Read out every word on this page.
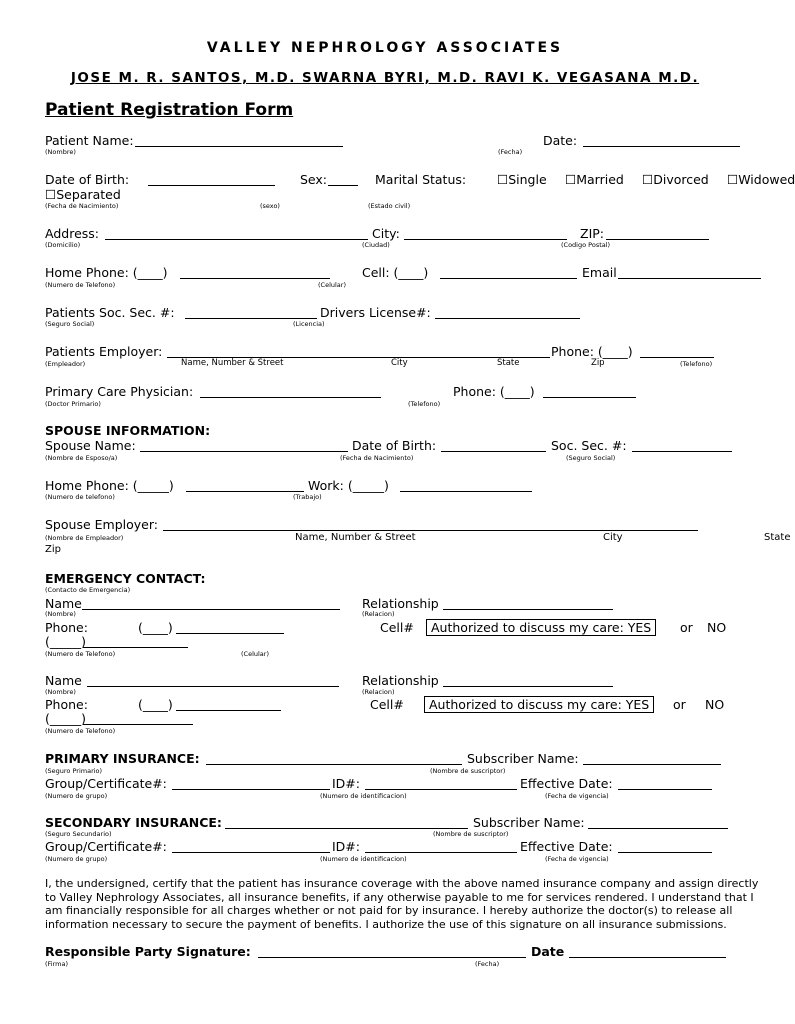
VALLEY NEPHROLOGY ASSOCIATES
JOSE M. R. SANTOS, M.D. SWARNA BYRI, M.D. RAVI K. VEGASANA M.D.
Patient Registration Form
Patient Name:
(Nombre)
Date:
(Fecha)
Date of Birth:	Sex:	Marital Status: ☐Single ☐Married ☐Divorced ☐Widowed
☐Separated
(Fecha de Nacimiento)	(sexo)	(Estado civil)
Address:	City:	ZIP:
(Domicilio)	(Ciudad)	(Codigo Postal)
Home Phone: (____)	Cell: (____)	Email
(Numero de Telefono)	(Celular)
Patients Soc. Sec. #:	Drivers License#:
(Seguro Social)	(Licencia)
Patients Employer:	Phone: (____)
(Empleador)	Name, Number & Street	City	State	Zip	(Telefono)
Primary Care Physician:	Phone: (____)
(Doctor Primario)	(Telefono)
SPOUSE INFORMATION:
Spouse Name:	Date of Birth:	Soc. Sec. #:
(Nombre de Esposo/a)	(Fecha de Nacimiento)	(Seguro Social)
Home Phone: (_____)	Work: (_____)
(Numero de telefono)	(Trabajo)
Spouse Employer:
(Nombre de Empleador)	Name, Number & Street	City	State
Zip
EMERGENCY CONTACT:
(Contacto de Emergencia)
Name	Relationship
(Nombre)	(Relacion)
Phone:	(____)	Cell#	Authorized to discuss my care: YES	or NO
(_____)
(Numero de Telefono)	(Celular)
Name	Relationship
(Nombre)	(Relacion)
Phone:	(____)	Cell#	Authorized to discuss my care: YES	or NO
(_____)
(Numero de Telefono)
PRIMARY INSURANCE:	Subscriber Name:
(Seguro Primario)	(Nombre de suscriptor)
Group/Certificate#:	ID#:	Effective Date:
(Numero de grupo)	(Numero de identificacion)	(Fecha de vigencia)
SECONDARY INSURANCE:	Subscriber Name:
(Seguro Secundario)	(Nombre de suscriptor)
Group/Certificate#:	ID#:	Effective Date:
(Numero de grupo)	(Numero de identificacion)	(Fecha de vigencia)
I, the undersigned, certify that the patient has insurance coverage with the above named insurance company and assign directly to Valley Nephrology Associates, all insurance benefits, if any otherwise payable to me for services rendered. I understand that I am financially responsible for all charges whether or not paid for by insurance. I hereby authorize the doctor(s) to release all information necessary to secure the payment of benefits. I authorize the use of this signature on all insurance submissions.
Responsible Party Signature:	Date
(Firma)	(Fecha)
